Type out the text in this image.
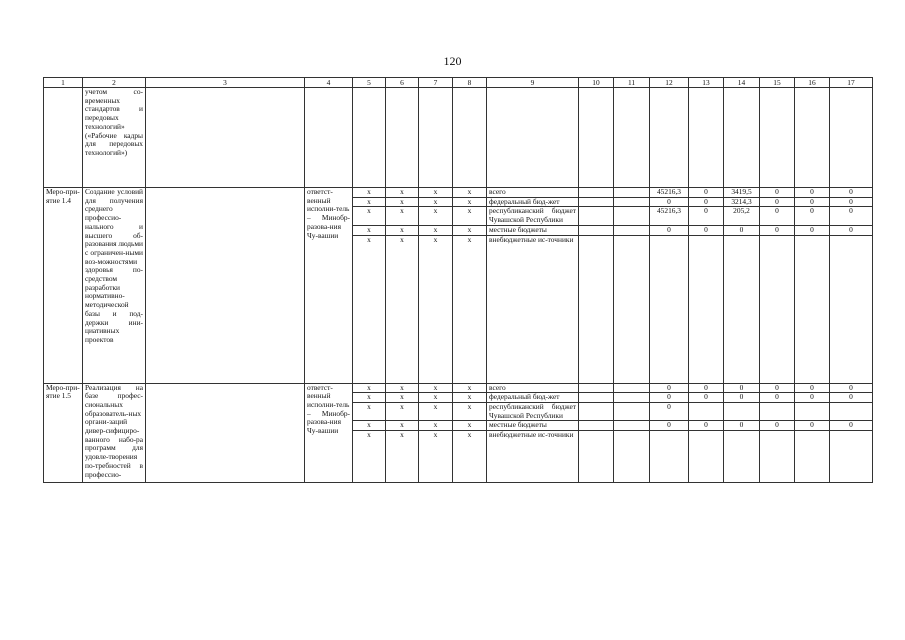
120
1	2	3	4	5	6	7	8	9	10	11	12	13	14	15	16	17
	учетом со-временных стандартов и передовых технологий» («Рабочие кадры для передовых технологий»)															
Меро-при-ятие 1.4	Создание условий для получения среднего профессио-нального и высшего об-разования людьми с ограничен-ными воз-можностями здоровья по-средством разработки нормативно-методической базы и под-держки ини-циативных проектов		ответст-венный исполни-тель – Минобр-разова-ния Чу-вашии	x	x	x	x	всего			45216,3	0	3419,5	0	0	0
				x	x	x	x	федеральный бюд-жет			0	0	3214,3	0	0	0
				x	x	x	x	республиканский бюджет Чувашской Республики			45216,3	0	205,2	0	0	0
				x	x	x	x	местные бюджеты			0	0	0	0	0	0
				x	x	x	x	внебюджетные ис-точники								
Меро-при-ятие 1.5	Реализация на базе профес-сиональных образователь-ных органи-заций дивер-сифициро-ванного набо-ра программ для удовле-творения по-требностей в профессио-		ответст-венный исполни-тель – Минобр-разова-ния Чу-вашии	x	x	x	x	всего			0	0	0	0	0	0
				x	x	x	x	федеральный бюд-жет			0	0	0	0	0	0
				x	x	x	x	республиканский бюджет Чувашской Республики			0					
				x	x	x	x	местные бюджеты			0	0	0	0	0	0
				x	x	x	x	внебюджетные ис-точники								
